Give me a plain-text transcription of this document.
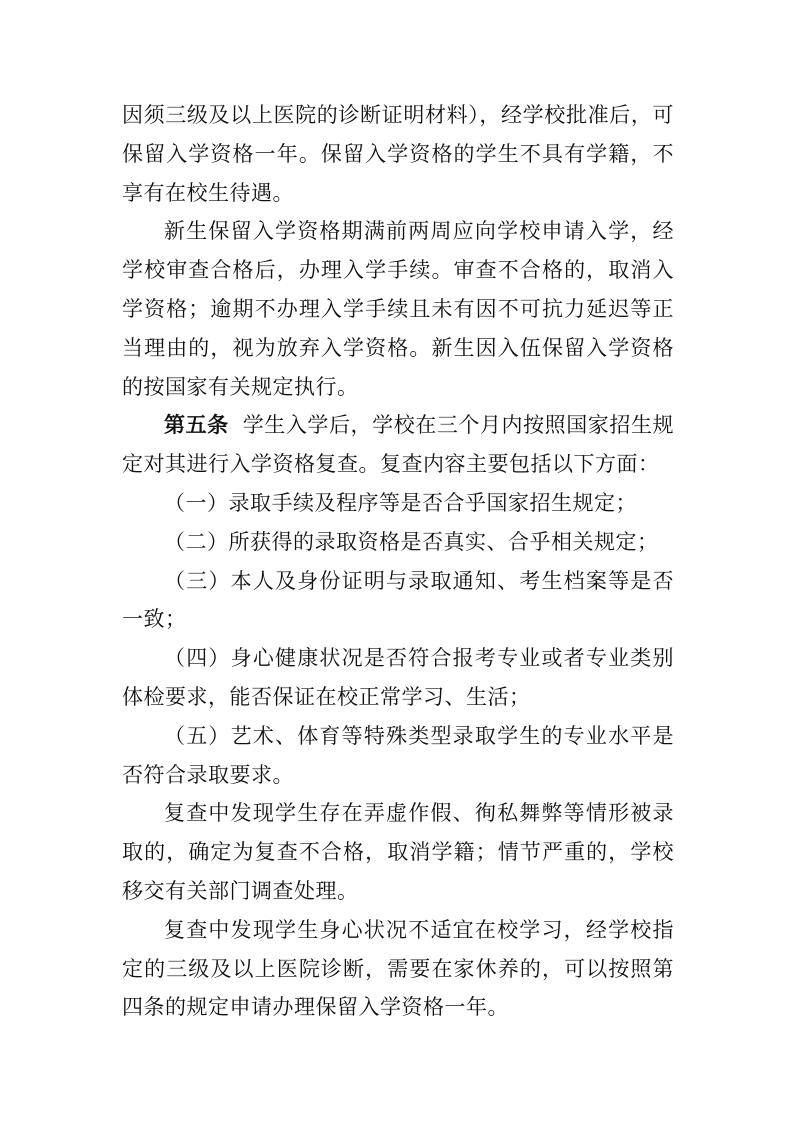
因须三级及以上医院的诊断证明材料），经学校批准后，可保留入学资格一年。保留入学资格的学生不具有学籍，不享有在校生待遇。

新生保留入学资格期满前两周应向学校申请入学，经学校审查合格后，办理入学手续。审查不合格的，取消入学资格；逾期不办理入学手续且未有因不可抗力延迟等正当理由的，视为放弃入学资格。新生因入伍保留入学资格的按国家有关规定执行。

第五条 学生入学后，学校在三个月内按照国家招生规定对其进行入学资格复查。复查内容主要包括以下方面：

（一）录取手续及程序等是否合乎国家招生规定；

（二）所获得的录取资格是否真实、合乎相关规定；

（三）本人及身份证明与录取通知、考生档案等是否一致；

（四）身心健康状况是否符合报考专业或者专业类别体检要求，能否保证在校正常学习、生活；

（五）艺术、体育等特殊类型录取学生的专业水平是否符合录取要求。

复查中发现学生存在弄虚作假、徇私舞弊等情形被录取的，确定为复查不合格，取消学籍；情节严重的，学校移交有关部门调查处理。

复查中发现学生身心状况不适宜在校学习，经学校指定的三级及以上医院诊断，需要在家休养的，可以按照第四条的规定申请办理保留入学资格一年。
